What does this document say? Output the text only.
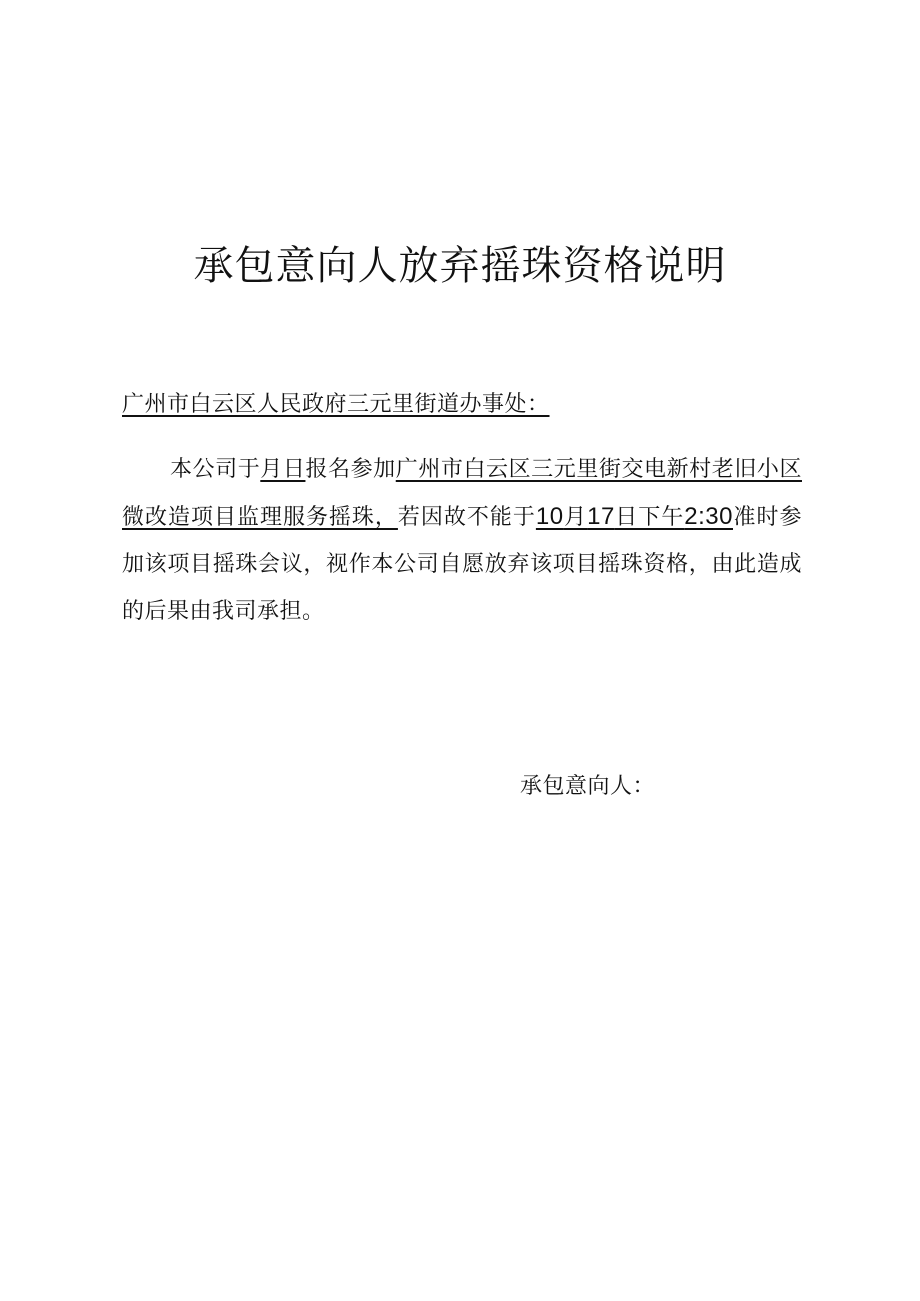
承包意向人放弃摇珠资格说明

广州市白云区人民政府三元里街道办事处：

本公司于月日报名参加广州市白云区三元里街交电新村老旧小区微改造项目监理服务摇珠，若因故不能于10月17日下午2:30准时参加该项目摇珠会议，视作本公司自愿放弃该项目摇珠资格，由此造成的后果由我司承担。

承包意向人：
